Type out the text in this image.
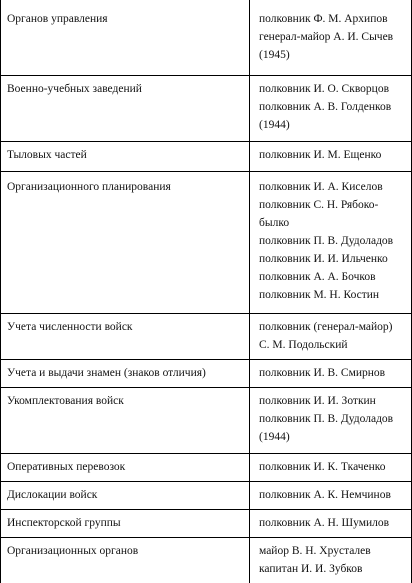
Органов управления	полковник Ф. М. Архипов
генерал-майор А. И. Сычев
(1945)
Военно-учебных заведений	полковник И. О. Скворцов
полковник А. В. Голденков
(1944)
Тыловых частей	полковник И. М. Ещенко
Организационного планирования	полковник И. А. Киселов
полковник С. Н. Рябоко-
былко
полковник П. В. Дудоладов
полковник И. И. Ильченко
полковник А. А. Бочков
полковник М. Н. Костин
Учета численности войск	полковник (генерал-майор)
С. М. Подольский
Учета и выдачи знамен (знаков отличия)	полковник И. В. Смирнов
Укомплектования войск	полковник И. И. Зоткин
полковник П. В. Дудоладов
(1944)
Оперативных перевозок	полковник И. К. Ткаченко
Дислокации войск	полковник А. К. Немчинов
Инспекторской группы	полковник А. Н. Шумилов
Организационных органов	майор В. Н. Хрусталев
капитан И. И. Зубков
